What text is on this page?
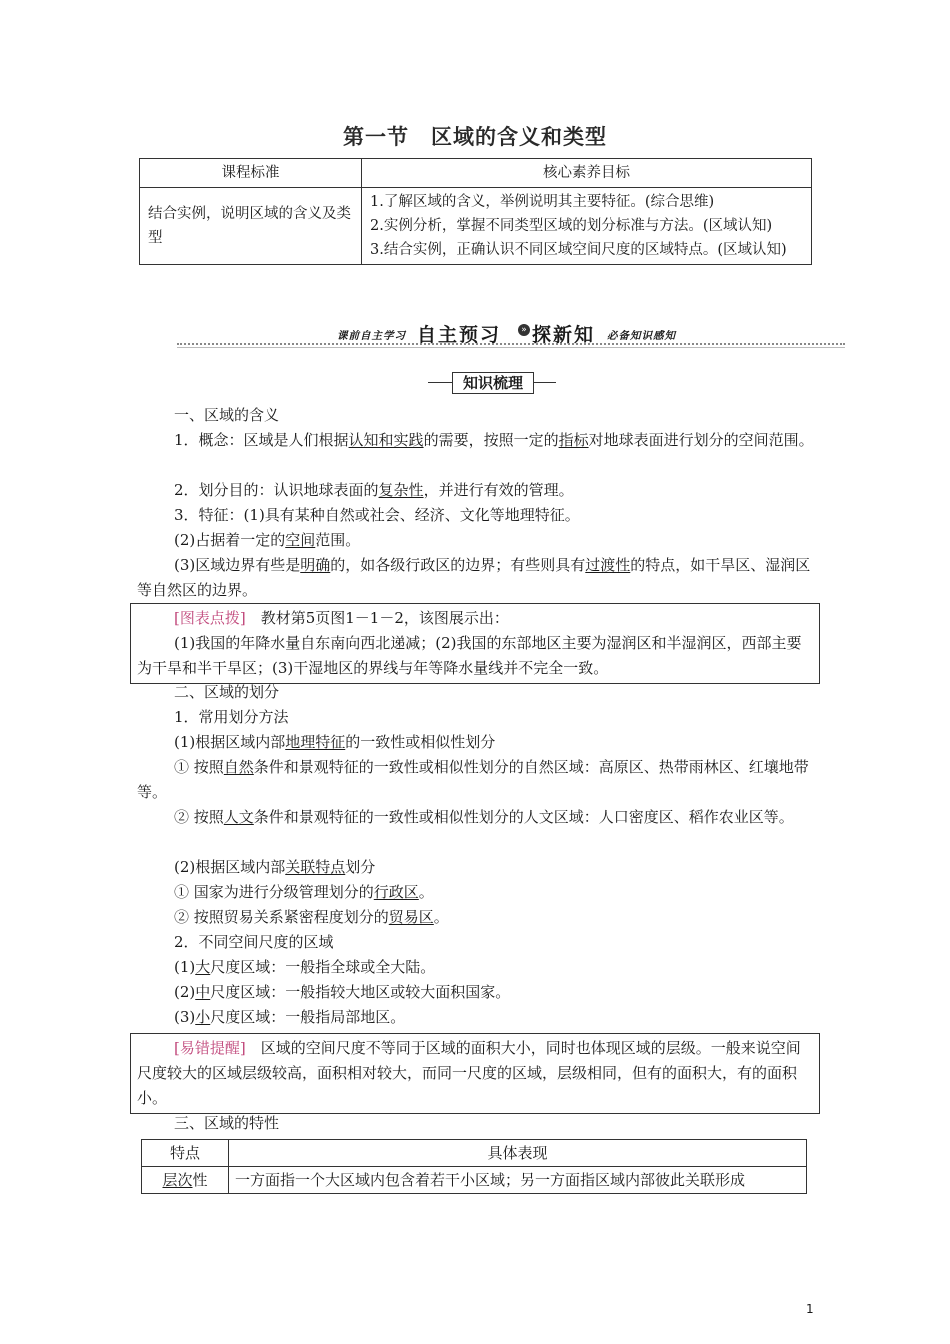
第一节　区域的含义和类型
课程标准	核心素养目标
结合实例，说明区域的含义及类型	1.了解区域的含义，举例说明其主要特征。(综合思维)
2.实例分析，掌握不同类型区域的划分标准与方法。(区域认知)
3.结合实例，正确认识不同区域空间尺度的区域特点。(区域认知)
课前自主学习 自主预习	» 探新知 必备知识感知
知识梳理
一、区域的含义
1．概念：区域是人们根据认知和实践的需要，按照一定的指标对地球表面进行划分的空间范围。
2．划分目的：认识地球表面的复杂性，并进行有效的管理。
3．特征：(1)具有某种自然或社会、经济、文化等地理特征。
(2)占据着一定的空间范围。
(3)区域边界有些是明确的，如各级行政区的边界；有些则具有过渡性的特点，如干旱区、湿润区等自然区的边界。
[图表点拨]　教材第5页图1－1－2，该图展示出：
(1)我国的年降水量自东南向西北递减；(2)我国的东部地区主要为湿润区和半湿润区，西部主要为干旱和半干旱区；(3)干湿地区的界线与年等降水量线并不完全一致。
二、区域的划分
1．常用划分方法
(1)根据区域内部地理特征的一致性或相似性划分
① 按照自然条件和景观特征的一致性或相似性划分的自然区域：高原区、热带雨林区、红壤地带等。
② 按照人文条件和景观特征的一致性或相似性划分的人文区域：人口密度区、稻作农业区等。
(2)根据区域内部关联特点划分
① 国家为进行分级管理划分的行政区。
② 按照贸易关系紧密程度划分的贸易区。
2．不同空间尺度的区域
(1)大尺度区域：一般指全球或全大陆。
(2)中尺度区域：一般指较大地区或较大面积国家。
(3)小尺度区域：一般指局部地区。
[易错提醒]　区域的空间尺度不等同于区域的面积大小，同时也体现区域的层级。一般来说空间尺度较大的区域层级较高，面积相对较大，而同一尺度的区域，层级相同，但有的面积大，有的面积小。
三、区域的特性
特点	具体表现
层次性	一方面指一个大区域内包含着若干小区域；另一方面指区域内部彼此关联形成
1
